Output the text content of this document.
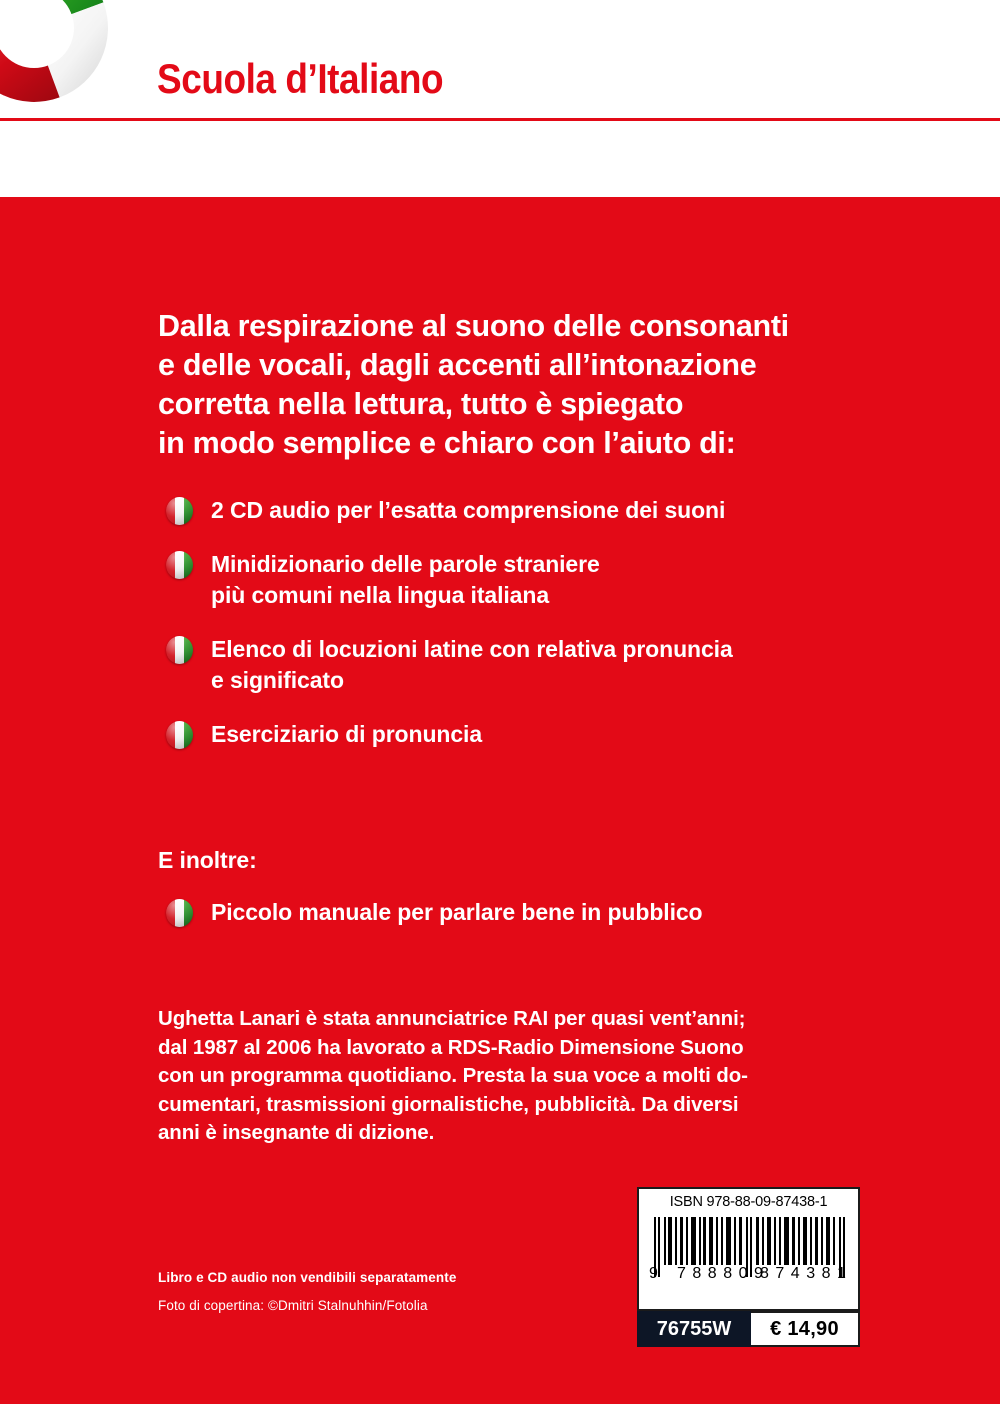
Scuola d’Italiano
Dalla respirazione al suono delle consonanti
e delle vocali, dagli accenti all’intonazione
corretta nella lettura, tutto è spiegato
in modo semplice e chiaro con l’aiuto di:
2 CD audio per l’esatta comprensione dei suoni
Minidizionario delle parole straniere
più comuni nella lingua italiana
Elenco di locuzioni latine con relativa pronuncia
e significato
Eserciziario di pronuncia
E inoltre:
Piccolo manuale per parlare bene in pubblico
Ughetta Lanari è stata annunciatrice RAI per quasi vent’anni;
dal 1987 al 2006 ha lavorato a RDS-Radio Dimensione Suono
con un programma quotidiano. Presta la sua voce a molti do-
cumentari, trasmissioni giornalistiche, pubblicità. Da diversi
anni è insegnante di dizione.
Libro e CD audio non vendibili separatamente
Foto di copertina: ©Dmitri Stalnuhhin/Fotolia
ISBN 978-88-09-87438-1
9 788809
874381
76755W	€ 14,90
